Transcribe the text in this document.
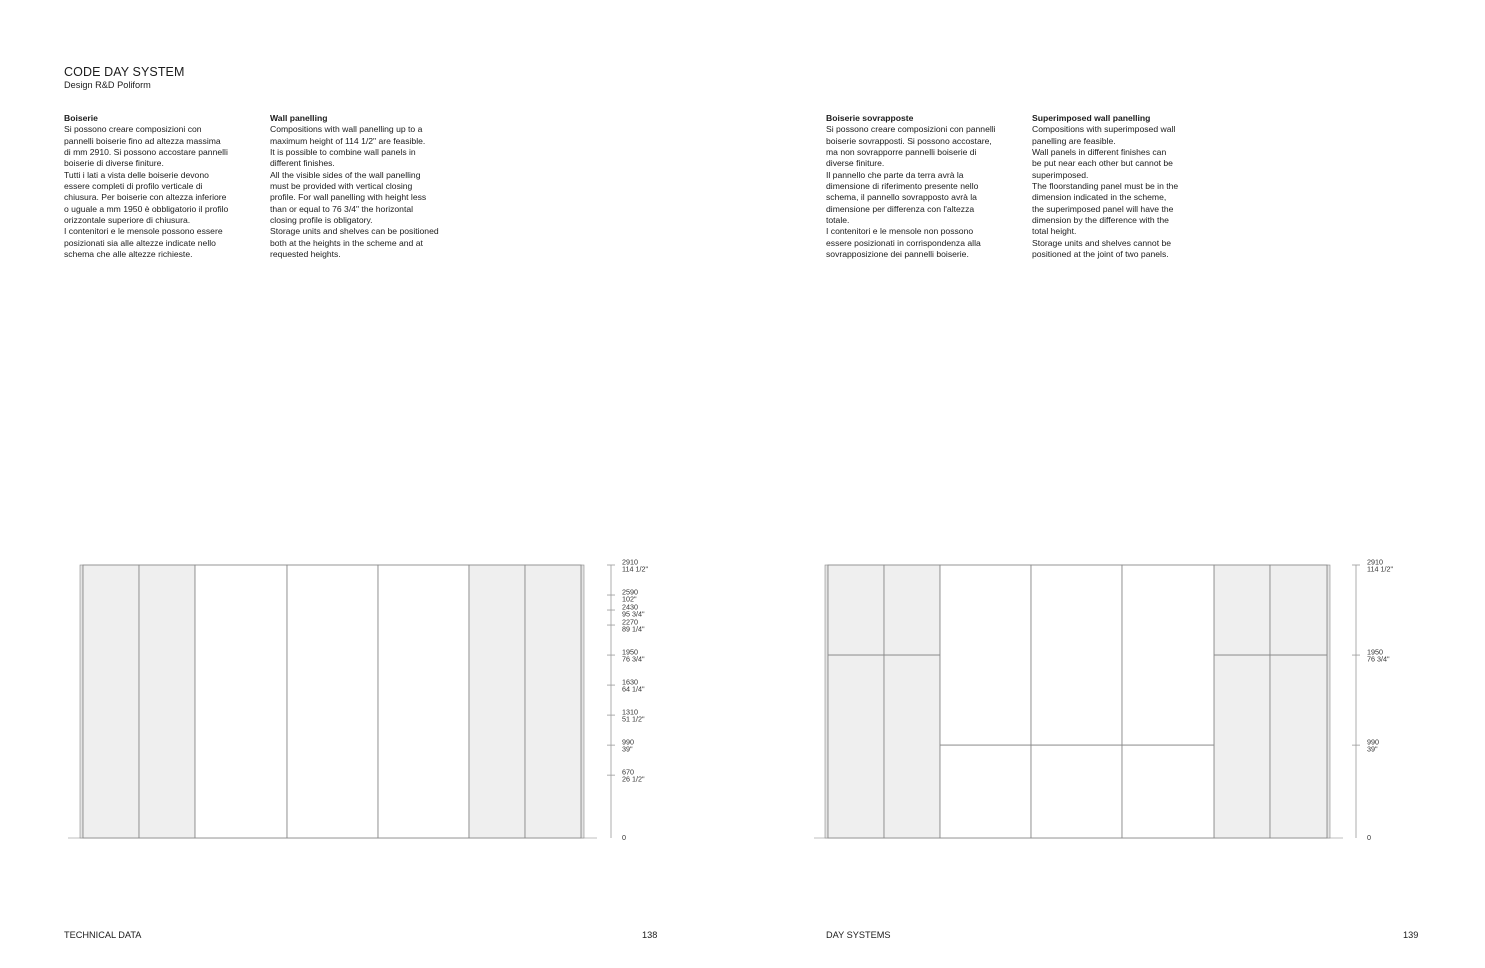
CODE DAY SYSTEM
Design R&D Poliform
Boiserie
Si possono creare composizioni con
pannelli boiserie fino ad altezza massima
di mm 2910. Si possono accostare pannelli
boiserie di diverse finiture.
Tutti i lati a vista delle boiserie devono
essere completi di profilo verticale di
chiusura. Per boiserie con altezza inferiore
o uguale a mm 1950 è obbligatorio il profilo
orizzontale superiore di chiusura.
I contenitori e le mensole possono essere
posizionati sia alle altezze indicate nello
schema che alle altezze richieste.
Wall panelling
Compositions with wall panelling up to a
maximum height of 114 1/2" are feasible.
It is possible to combine wall panels in
different finishes.
All the visible sides of the wall panelling
must be provided with vertical closing
profile. For wall panelling with height less
than or equal to 76 3/4" the horizontal
closing profile is obligatory.
Storage units and shelves can be positioned
both at the heights in the scheme and at
requested heights.
Boiserie sovrapposte
Si possono creare composizioni con pannelli
boiserie sovrapposti. Si possono accostare,
ma non sovrapporre pannelli boiserie di
diverse finiture.
Il pannello che parte da terra avrà la
dimensione di riferimento presente nello
schema, il pannello sovrapposto avrà la
dimensione per differenza con l'altezza
totale.
I contenitori e le mensole non possono
essere posizionati in corrispondenza alla
sovrapposizione dei pannelli boiserie.
Superimposed wall panelling
Compositions with superimposed wall
panelling are feasible.
Wall panels in different finishes can
be put near each other but cannot be
superimposed.
The floorstanding panel must be in the
dimension indicated in the scheme,
the superimposed panel will have the
dimension by the difference with the
total height.
Storage units and shelves cannot be
positioned at the joint of two panels.
2910
114 1/2"
2590
102"
2430
95 3/4"
2270
89 1/4"
1950
76 3/4"
1630
64 1/4"
1310
51 1/2"
990
39"
670
26 1/2"
0
2910
114 1/2"
1950
76 3/4"
990
39"
0
TECHNICAL DATA	138	DAY SYSTEMS	139
